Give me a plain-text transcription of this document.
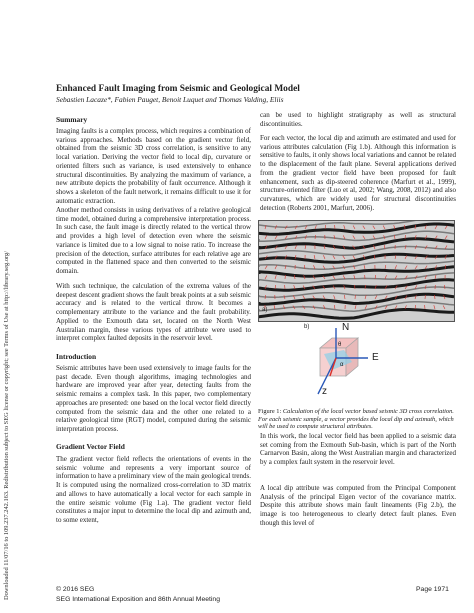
Downloaded 11/07/16 to 109.237.242.163. Redistribution subject to SEG license or copyright; see Terms of Use at http://library.seg.org/
Enhanced Fault Imaging from Seismic and Geological Model
Sebastien Lacaze*, Fabien Pauget, Benoit Luquet and Thomas Valding, Eliis
Summary

Imaging faults is a complex process, which requires a combination of various approaches. Methods based on the gradient vector field, obtained from the seismic 3D cross correlation, is sensitive to any local variation. Deriving the vector field to local dip, curvature or oriented filters such as variance, is used extensively to enhance structural discontinuities. By analyzing the maximum of variance, a new attribute depicts the probability of fault occurrence. Although it shows a skeleton of the fault network, it remains difficult to use it for automatic extraction.

Another method consists in using derivatives of a relative geological time model, obtained during a comprehensive interpretation process. In such case, the fault image is directly related to the vertical throw and provides a high level of detection even where the seismic variance is limited due to a low signal to noise ratio. To increase the precision of the detection, surface attributes for each relative age are computed in the flattened space and then converted to the seismic domain.

With such technique, the calculation of the extrema values of the deepest descent gradient shows the fault break points at a sub seismic accuracy and is related to the vertical throw. It becomes a complementary attribute to the variance and the fault probability. Applied to the Exmouth data set, located on the North West Australian margin, these various types of attribute were used to interpret complex faulted deposits in the reservoir level.

Introduction

Seismic attributes have been used extensively to image faults for the past decade. Even though algorithms, imaging technologies and hardware are improved year after year, detecting faults from the seismic remains a complex task. In this paper, two complementary approaches are presented: one based on the local vector field directly computed from the seismic data and the other one related to a relative geological time (RGT) model, computed during the seismic interpretation process.

Gradient Vector Field

The gradient vector field reflects the orientations of events in the seismic volume and represents a very important source of information to have a preliminary view of the main geological trends. It is computed using the normalized cross-correlation to 3D matrix and allows to have automatically a local vector for each sample in the entire seismic volume (Fig 1.a). The gradient vector field constitutes a major input to determine the local dip and azimuth and, to some extent,

can be used to highlight stratigraphy as well as structural discontinuities.

For each vector, the local dip and azimuth are estimated and used for various attributes calculation (Fig 1.b). Although this information is sensitive to faults, it only shows local variations and cannot be related to the displacement of the fault plane. Several applications derived from the gradient vector field have been proposed for fault enhancement, such as dip-steered coherence (Marfurt et al., 1999), structure-oriented filter (Luo et al, 2002; Wang, 2008, 2012) and also curvatures, which are widely used for structural discontinuities detection (Roberts 2001, Marfurt, 2006).

a)
b)	N
E
z
θ
α
Figure 1: Calculation of the local vector based seismic 3D cross correlation. For each seismic sample, a vector provides the local dip and azimuth, which will be used to compute structural attributes.

In this work, the local vector field has been applied to a seismic data set coming from the Exmouth Sub-basin, which is part of the North Carnarvon Basin, along the West Australian margin and characterized by a complex fault system in the reservoir level.

A local dip attribute was computed from the Principal Component Analysis of the principal Eigen vector of the covariance matrix. Despite this attribute shows main fault lineaments (Fig 2.b), the image is too heterogeneous to clearly detect fault planes. Even though this level of

© 2016 SEG
SEG International Exposition and 86th Annual Meeting
Page 1971
